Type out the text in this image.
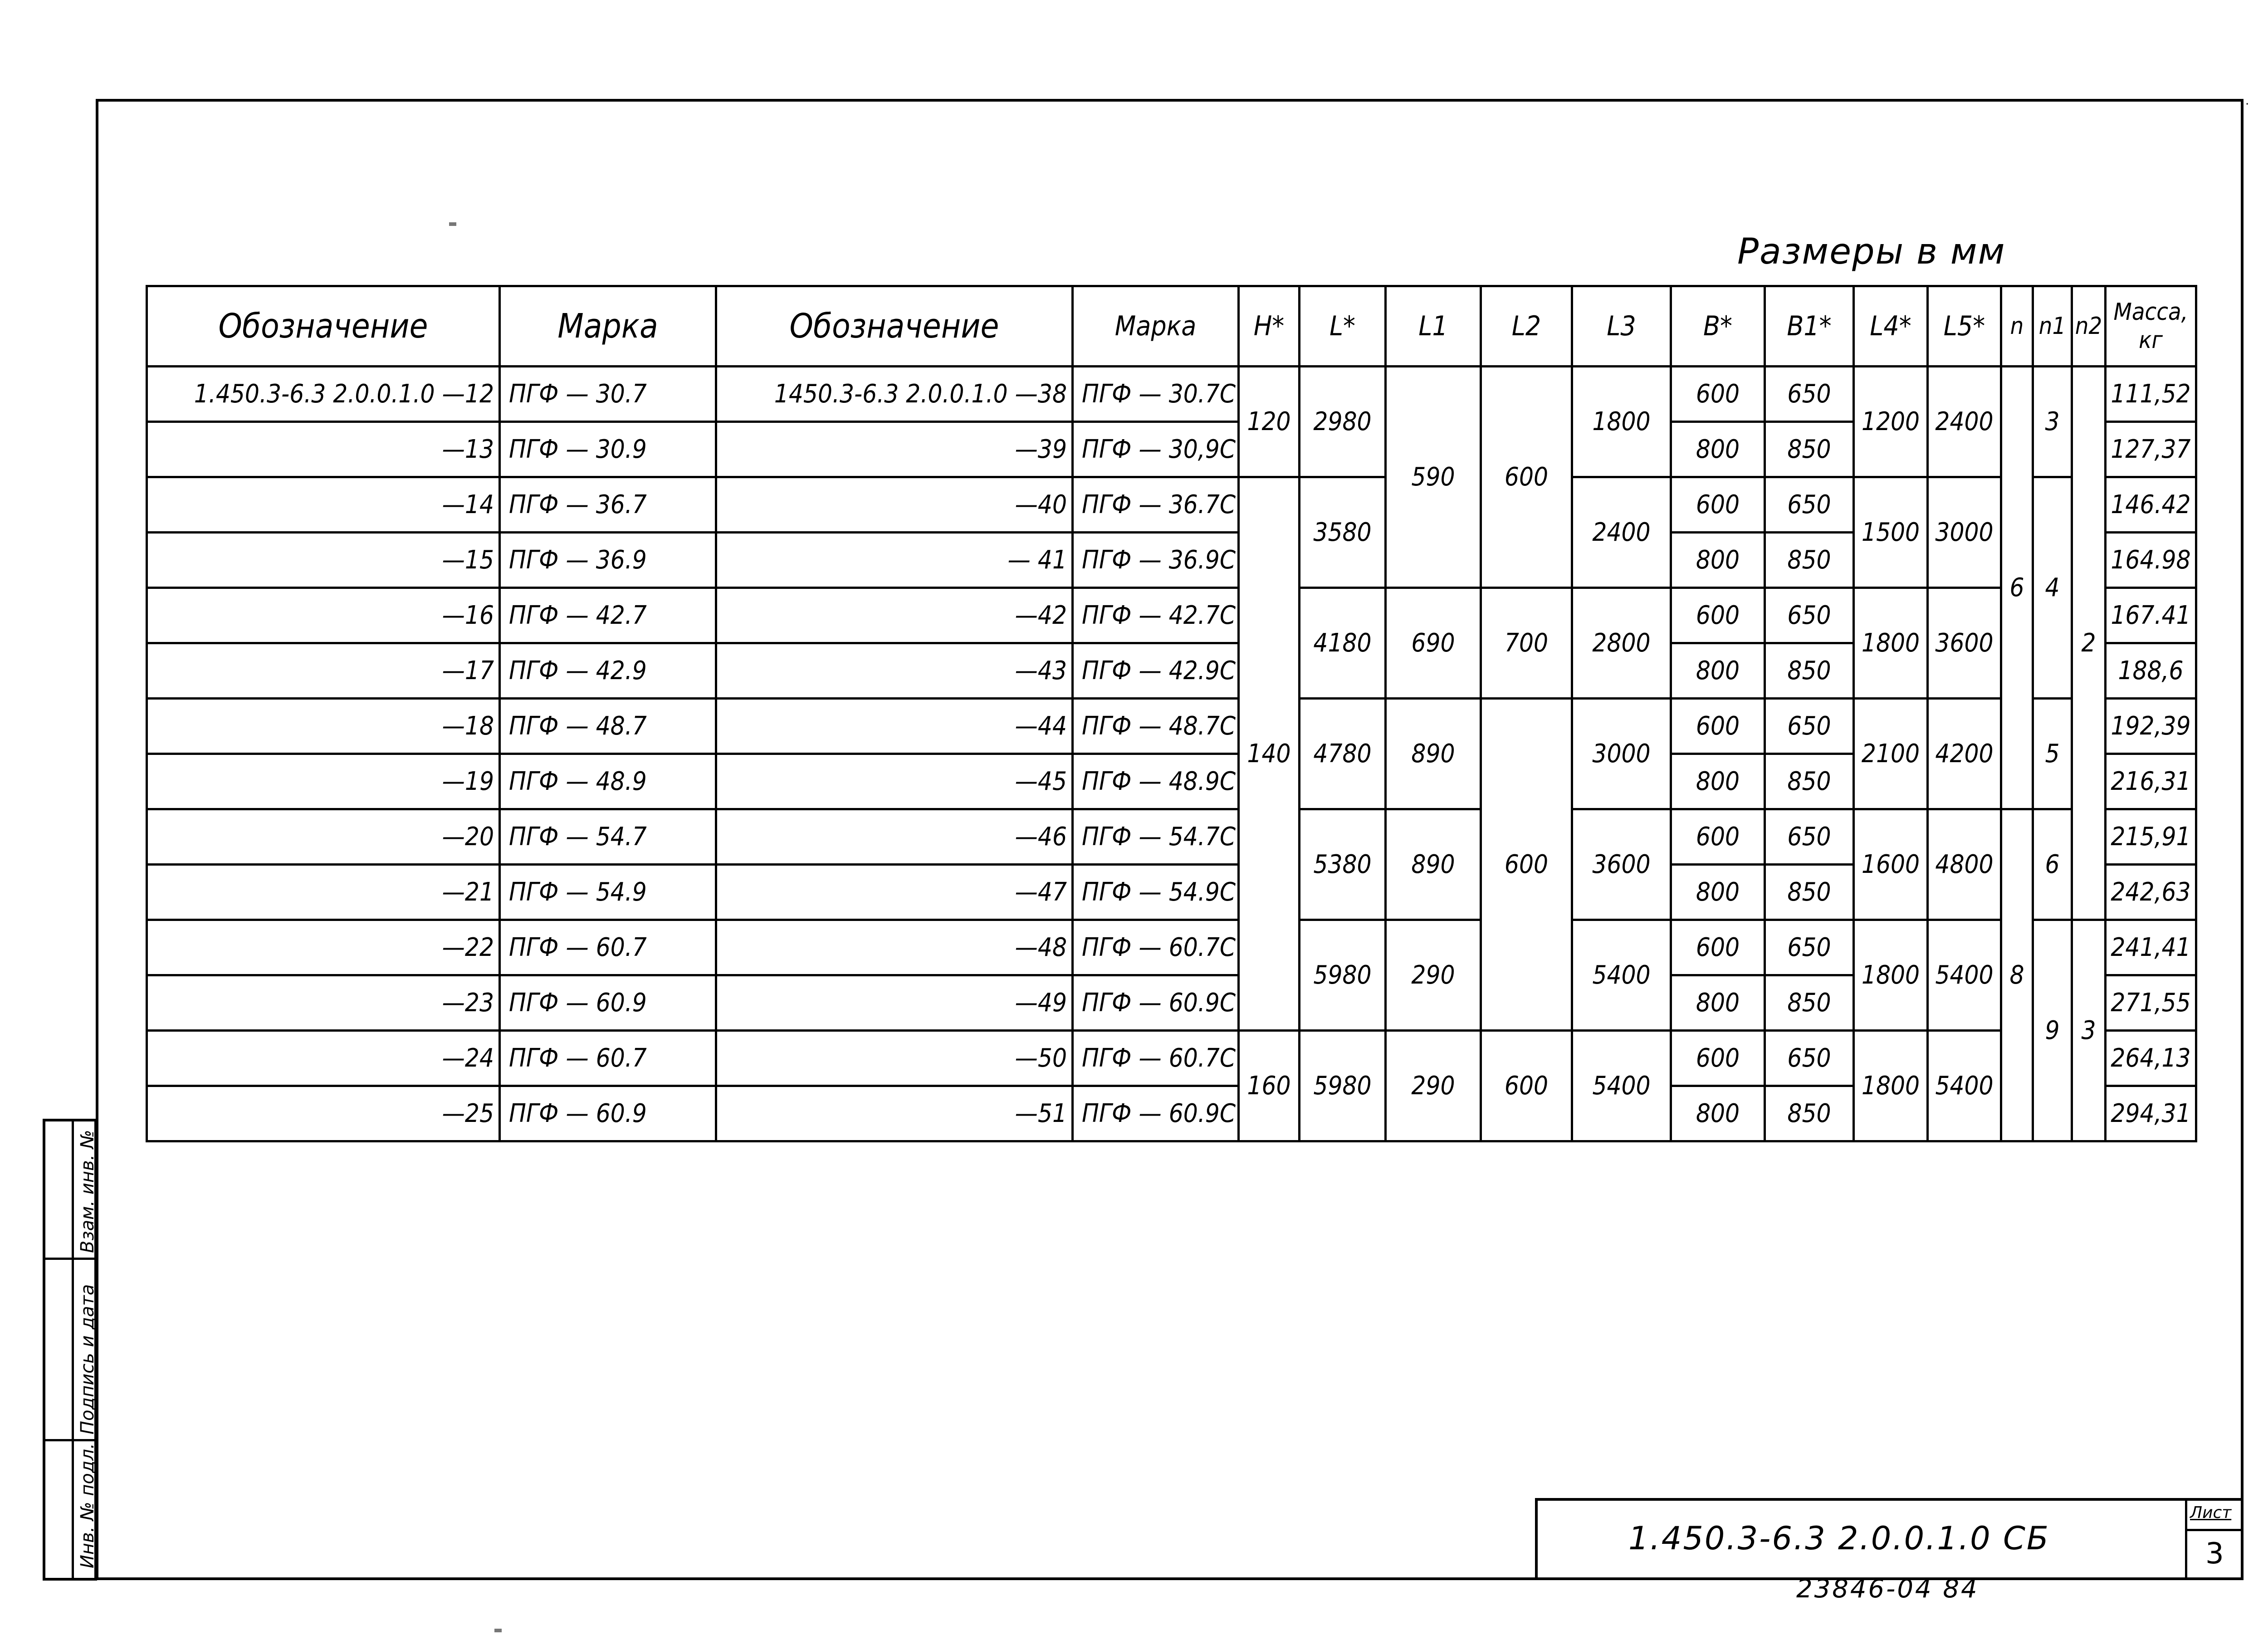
·
Размеры в мм
Обозначение	Марка	Обозначение	Марка	H*	L*	L1	L2	L3	B*	B1*	L4*	L5*	n	n1	n2	Масса, кг
1.450.3-6.3 2.0.0.1.0 —12	ПГФ — 30.7	1450.3-6.3 2.0.0.1.0 —38	ПГФ — 30.7С	120	2980	590	600	1800	600	650	1200	2400	6	3	2	111,52
—13	ПГФ — 30.9	—39	ПГФ — 30,9С						800	850						127,37
—14	ПГФ — 36.7	—40	ПГФ — 36.7С	140	3580			2400	600	650	1500	3000		4		146.42
—15	ПГФ — 36.9	— 41	ПГФ — 36.9С						800	850						164.98
—16	ПГФ — 42.7	—42	ПГФ — 42.7С		4180	690	700	2800	600	650	1800	3600				167.41
—17	ПГФ — 42.9	—43	ПГФ — 42.9С						800	850						188,6
—18	ПГФ — 48.7	—44	ПГФ — 48.7С		4780	890	600	3000	600	650	2100	4200		5		192,39
—19	ПГФ — 48.9	—45	ПГФ — 48.9С						800	850						216,31
—20	ПГФ — 54.7	—46	ПГФ — 54.7С		5380	890		3600	600	650	1600	4800	8	6		215,91
—21	ПГФ — 54.9	—47	ПГФ — 54.9С						800	850						242,63
—22	ПГФ — 60.7	—48	ПГФ — 60.7С		5980	290		5400	600	650	1800	5400		9	3	241,41
—23	ПГФ — 60.9	—49	ПГФ — 60.9С						800	850						271,55
—24	ПГФ — 60.7	—50	ПГФ — 60.7С	160	5980	290	600	5400	600	650	1800	5400				264,13
—25	ПГФ — 60.9	—51	ПГФ — 60.9С						800	850						294,31
Инв. № подл.
Подпись и дата
Взам. инв. №
1.450.3-6.3 2.0.0.1.0 СБ
Лист
3
23846-04 84
